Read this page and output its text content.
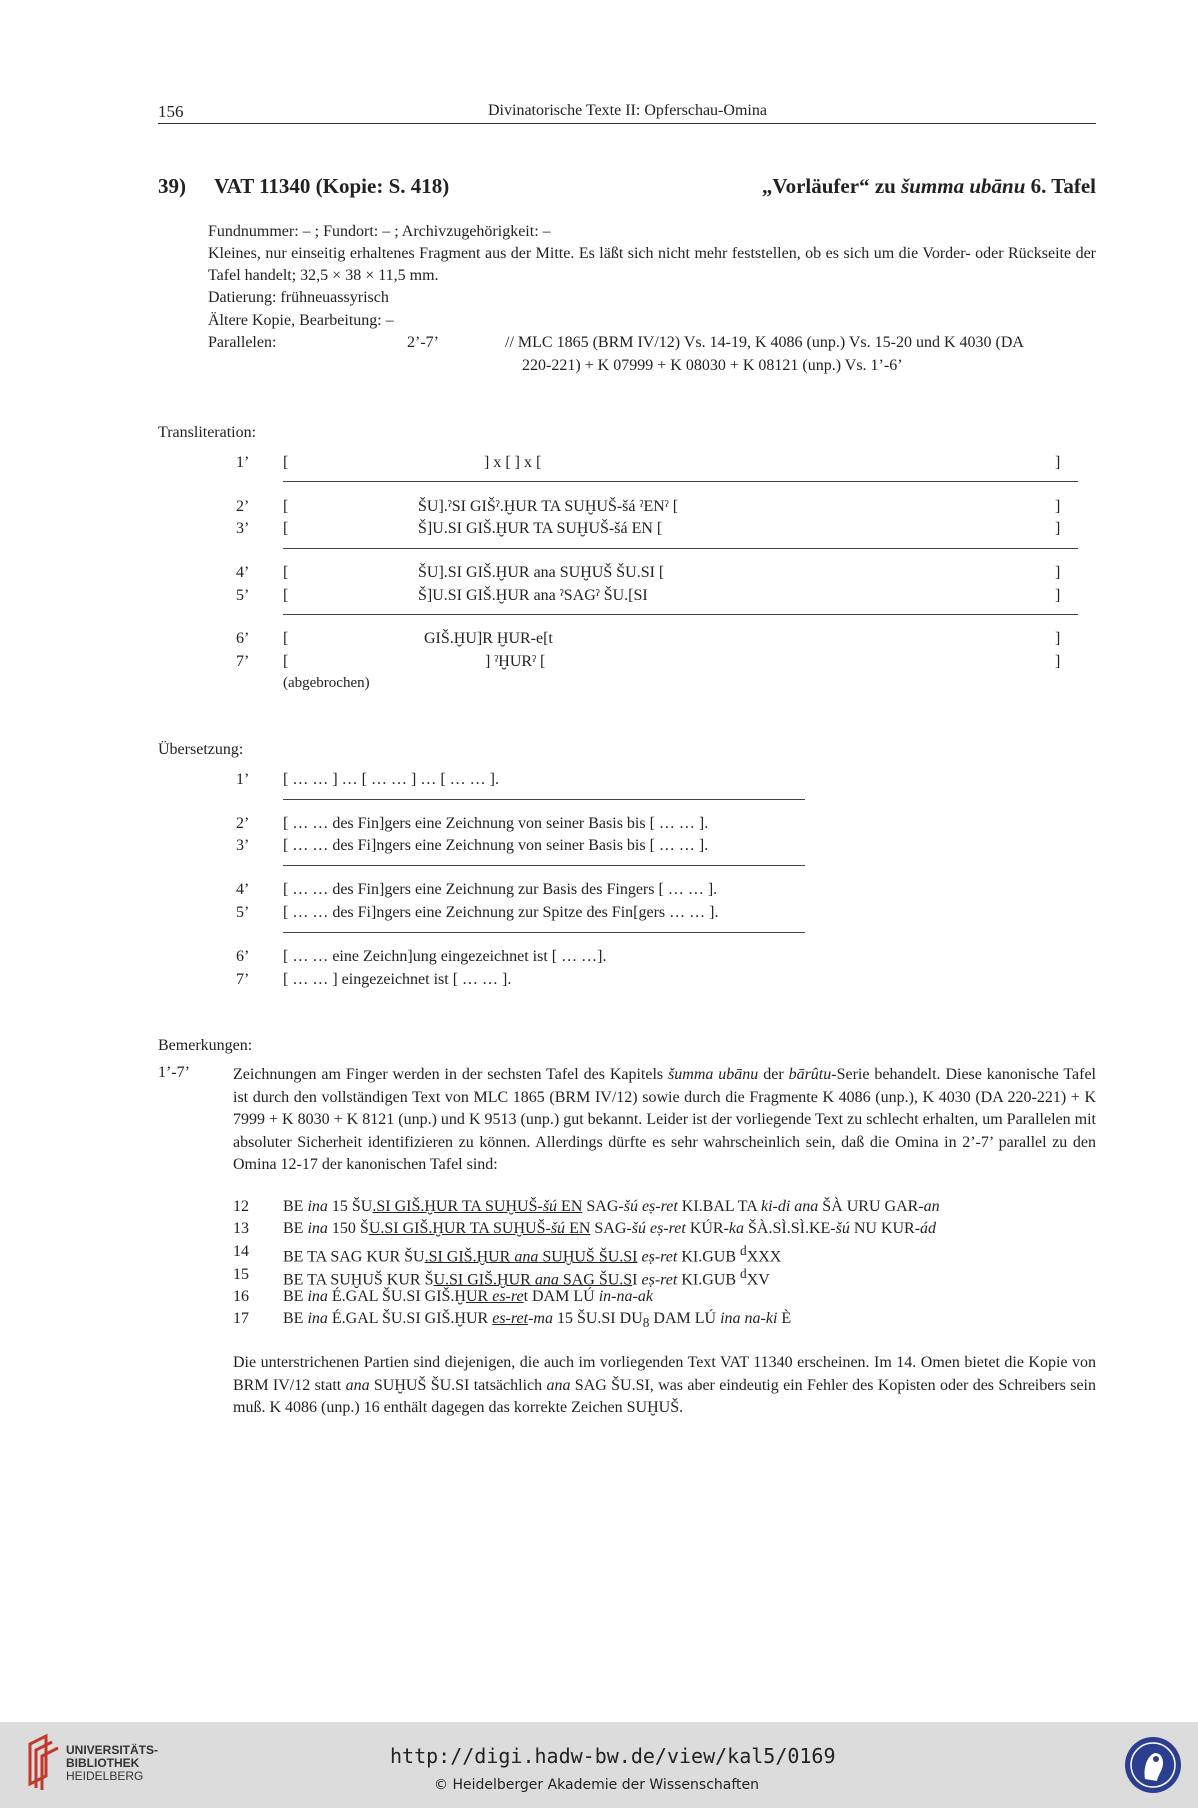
156	Divinatorische Texte II: Opferschau-Omina
39) VAT 11340 (Kopie: S. 418)	„Vorläufer“ zu šumma ubānu 6. Tafel
Fundnummer: – ; Fundort: – ; Archivzugehörigkeit: –
Kleines, nur einseitig erhaltenes Fragment aus der Mitte. Es läßt sich nicht mehr feststellen, ob es sich um die Vorder- oder Rückseite der Tafel handelt; 32,5 × 38 × 11,5 mm.
Datierung: frühneuassyrisch
Ältere Kopie, Bearbeitung: –
Parallelen:	2’-7’	// MLC 1865 (BRM IV/12) Vs. 14-19, K 4086 (unp.) Vs. 15-20 und K 4030 (DA
220-221) + K 07999 + K 08030 + K 08121 (unp.) Vs. 1’-6’
Transliteration:
1’ [	] x [ ] x [	]
2’ [	ŠU].ˀSI GIŠˀ.ḪUR TA SUḪUŠ-šá ˀENˀ [	]
3’ [	Š]U.SI GIŠ.ḪUR TA SUḪUŠ-šá EN [	]
4’ [	ŠU].SI GIŠ.ḪUR ana SUḪUŠ ŠU.SI [	]
5’ [	Š]U.SI GIŠ.ḪUR ana ˀSAGˀ ŠU.[SI	]
6’ [	GIŠ.ḪU]R ḪUR-e[t	]
7’ [	] ˀḪURˀ [	]
(abgebrochen)
Übersetzung:
1’ [ … … ] … [ … … ] … [ … … ].
2’ [ … … des Fin]gers eine Zeichnung von seiner Basis bis [ … … ].
3’ [ … … des Fi]ngers eine Zeichnung von seiner Basis bis [ … … ].
4’ [ … … des Fin]gers eine Zeichnung zur Basis des Fingers [ … … ].
5’ [ … … des Fi]ngers eine Zeichnung zur Spitze des Fin[gers … … ].
6’ [ … … eine Zeichn]ung eingezeichnet ist [ … …].
7’ [ … … ] eingezeichnet ist [ … … ].
Bemerkungen:
1’-7’	Zeichnungen am Finger werden in der sechsten Tafel des Kapitels šumma ubānu der bārûtu-Serie behandelt. Diese kanonische Tafel ist durch den vollständigen Text von MLC 1865 (BRM IV/12) sowie durch die Fragmente K 4086 (unp.), K 4030 (DA 220-221) + K 7999 + K 8030 + K 8121 (unp.) und K 9513 (unp.) gut bekannt. Leider ist der vorliegende Text zu schlecht erhalten, um Parallelen mit absoluter Sicherheit identifizieren zu können. Allerdings dürfte es sehr wahrscheinlich sein, daß die Omina in 2’-7’ parallel zu den Omina 12-17 der kanonischen Tafel sind:
12 BE ina 15 ŠU.SI GIŠ.ḪUR TA SUḪUŠ-šú EN SAG-šú eṣ-ret KI.BAL TA ki-di ana ŠÀ URU GAR-an
13 BE ina 150 ŠU.SI GIŠ.ḪUR TA SUḪUŠ-šú EN SAG-šú eṣ-ret KÚR-ka ŠÀ.SÌ.SÌ.KE-šú NU KUR-ád
14 BE TA SAG KUR ŠU.SI GIŠ.ḪUR ana SUḪUŠ ŠU.SI eṣ-ret KI.GUB $^d$XXX
15 BE TA SUḪUŠ KUR ŠU.SI GIŠ.ḪUR ana SAG ŠU.SI eṣ-ret KI.GUB $^d$XV
16 BE ina É.GAL ŠU.SI GIŠ.ḪUR es-ret DAM LÚ in-na-ak
17 BE ina É.GAL ŠU.SI GIŠ.ḪUR es-ret-ma 15 ŠU.SI $DU_8$ DAM LÚ ina na-ki È
Die unterstrichenen Partien sind diejenigen, die auch im vorliegenden Text VAT 11340 erscheinen. Im 14. Omen bietet die Kopie von BRM IV/12 statt ana SUḪUŠ ŠU.SI tatsächlich ana SAG ŠU.SI, was aber eindeutig ein Fehler des Kopisten oder des Schreibers sein muß. K 4086 (unp.) 16 enthält dagegen das korrekte Zeichen SUḪUŠ.
UNIVERSITÄTS-
BIBLIOTHEK
HEIDELBERG
http://digi.hadw-bw.de/view/kal5/0169
© Heidelberger Akademie der Wissenschaften
